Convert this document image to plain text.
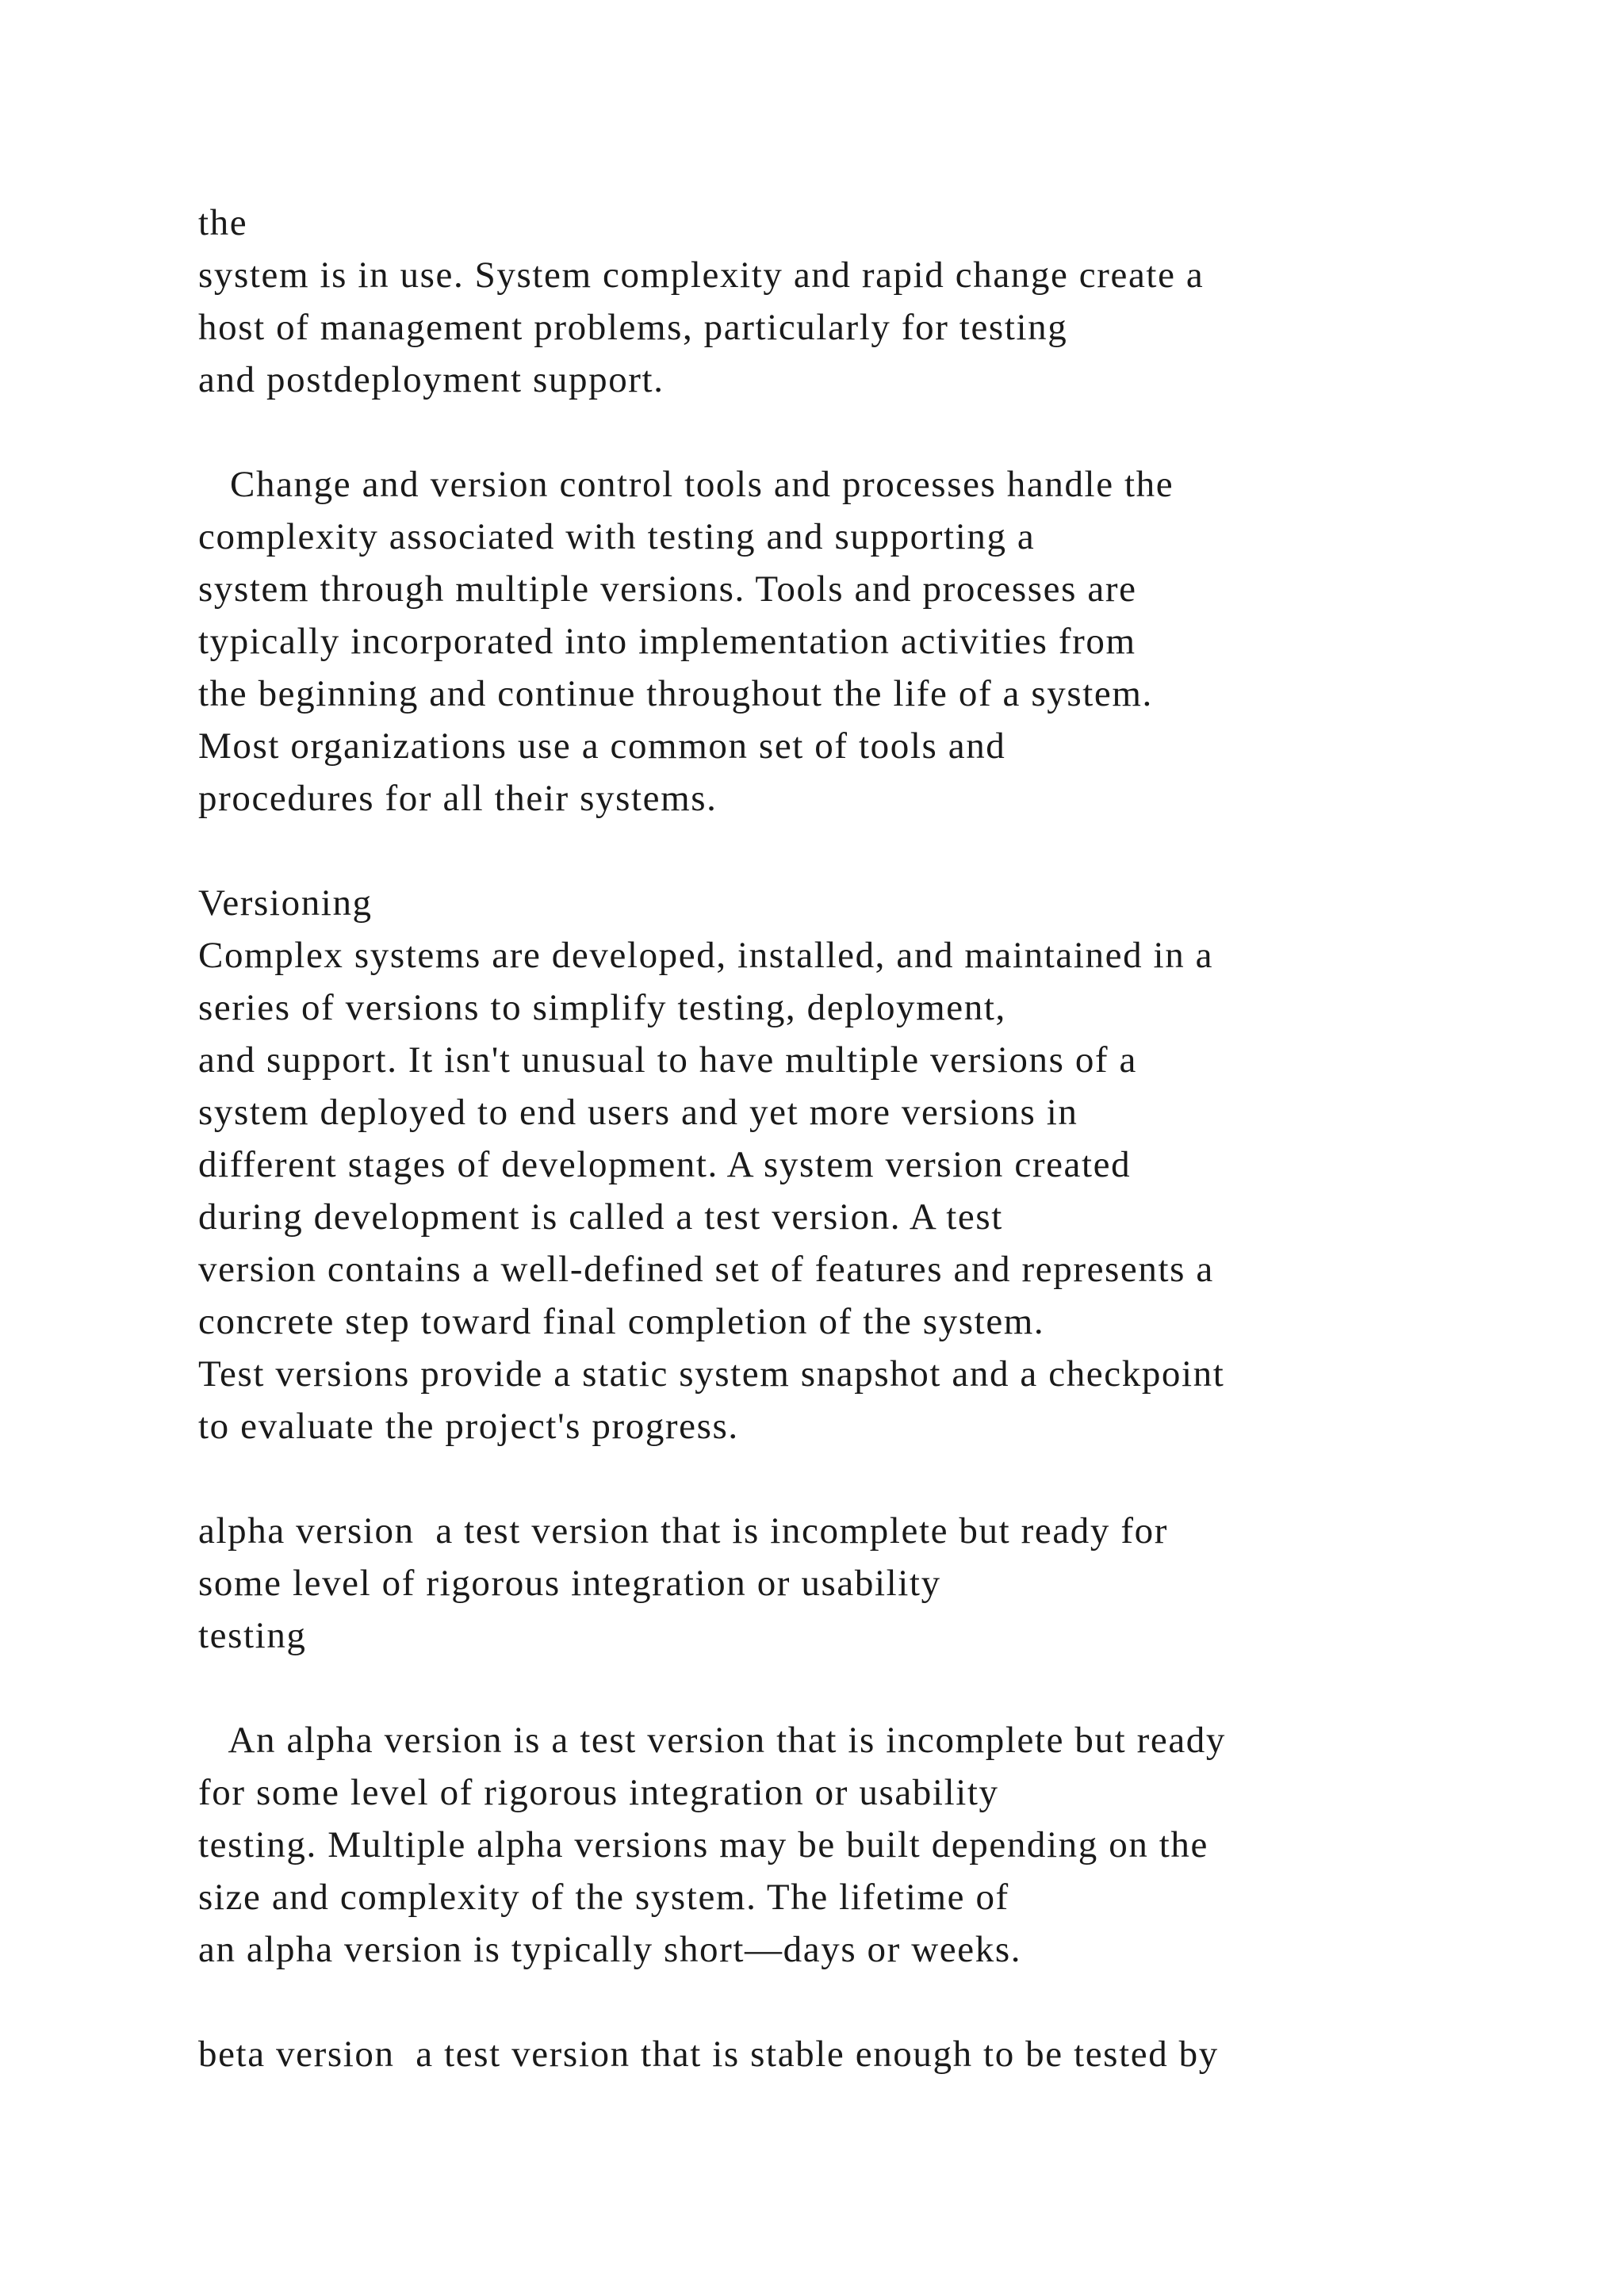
the
system is in use. System complexity and rapid change create a
host of management problems, particularly for testing
and postdeployment support.
Change and version control tools and processes handle the
complexity associated with testing and supporting a
system through multiple versions. Tools and processes are
typically incorporated into implementation activities from
the beginning and continue throughout the life of a system.
Most organizations use a common set of tools and
procedures for all their systems.
Versioning
Complex systems are developed, installed, and maintained in a
series of versions to simplify testing, deployment,
and support. It isn't unusual to have multiple versions of a
system deployed to end users and yet more versions in
different stages of development. A system version created
during development is called a test version. A test
version contains a well-defined set of features and represents a
concrete step toward final completion of the system.
Test versions provide a static system snapshot and a checkpoint
to evaluate the project's progress.
alpha version  a test version that is incomplete but ready for
some level of rigorous integration or usability
testing
An alpha version is a test version that is incomplete but ready
for some level of rigorous integration or usability
testing. Multiple alpha versions may be built depending on the
size and complexity of the system. The lifetime of
an alpha version is typically short—days or weeks.
beta version  a test version that is stable enough to be tested by
